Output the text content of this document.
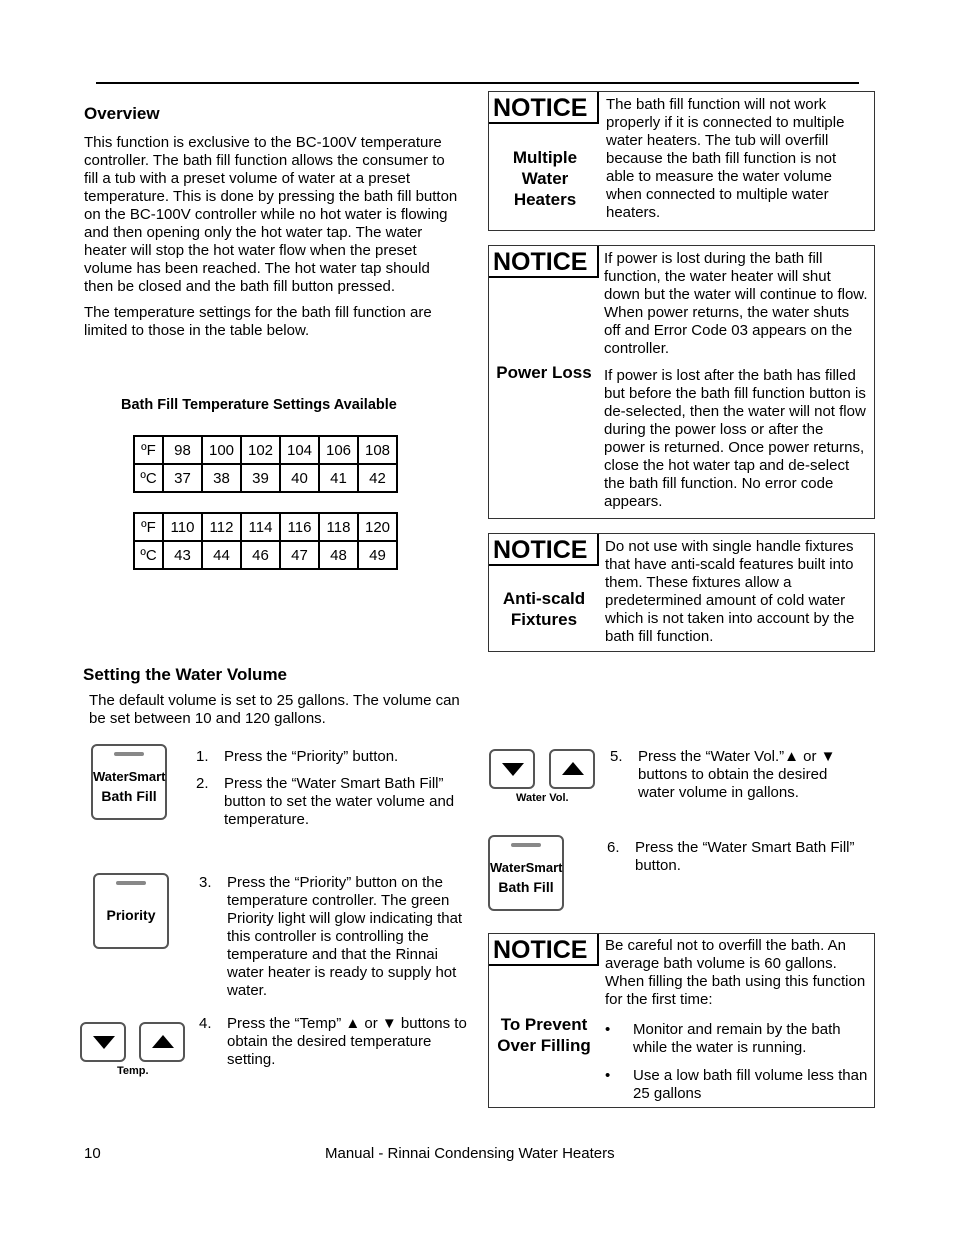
Overview

This function is exclusive to the BC-100V temperature controller. The bath fill function allows the consumer to fill a tub with a preset volume of water at a preset temperature. This is done by pressing the bath fill button on the BC-100V controller while no hot water is flowing and then opening only the hot water tap. The water heater will stop the hot water flow when the preset volume has been reached. The hot water tap should then be closed and the bath fill button pressed.

The temperature settings for the bath fill function are limited to those in the table below.

Bath Fill Temperature Settings Available
ºF	98	100	102	104	106	108
ºC	37	38	39	40	41	42
ºF	110	112	114	116	118	120
ºC	43	44	46	47	48	49
NOTICE
Multiple Water Heaters

The bath fill function will not work properly if it is connected to multiple water heaters. The tub will overfill because the bath fill function is not able to measure the water volume when connected to multiple water heaters.

NOTICE
Power Loss

If power is lost during the bath fill function, the water heater will shut down but the water will continue to flow. When power returns, the water shuts off and Error Code 03 appears on the controller.

If power is lost after the bath has filled but before the bath fill function button is de-selected, then the water will not flow during the power loss or after the power is returned. Once power returns, close the hot water tap and de-select the bath fill function. No error code appears.

NOTICE
Anti-scald Fixtures

Do not use with single handle fixtures that have anti-scald features built into them. These fixtures allow a predetermined amount of cold water which is not taken into account by the bath fill function.

Setting the Water Volume

The default volume is set to 25 gallons. The volume can be set between 10 and 120 gallons.

WaterSmart
Bath Fill
1. Press the “Priority” button.
2. Press the “Water Smart Bath Fill” button to set the water volume and temperature.
Priority
3. Press the “Priority” button on the temperature controller. The green Priority light will glow indicating that this controller is controlling the temperature and that the Rinnai water heater is ready to supply hot water.
Temp.
4. Press the “Temp” ▲ or ▼ buttons to obtain the desired temperature setting.
Water Vol.
5. Press the “Water Vol.”▲ or ▼ buttons to obtain the desired water volume in gallons.
WaterSmart
Bath Fill
6. Press the “Water Smart Bath Fill” button.
NOTICE
To Prevent Over Filling

Be careful not to overfill the bath. An average bath volume is 60 gallons. When filling the bath using this function for the first time:

• Monitor and remain by the bath while the water is running.
• Use a low bath fill volume less than 25 gallons
10	Manual - Rinnai Condensing Water Heaters
